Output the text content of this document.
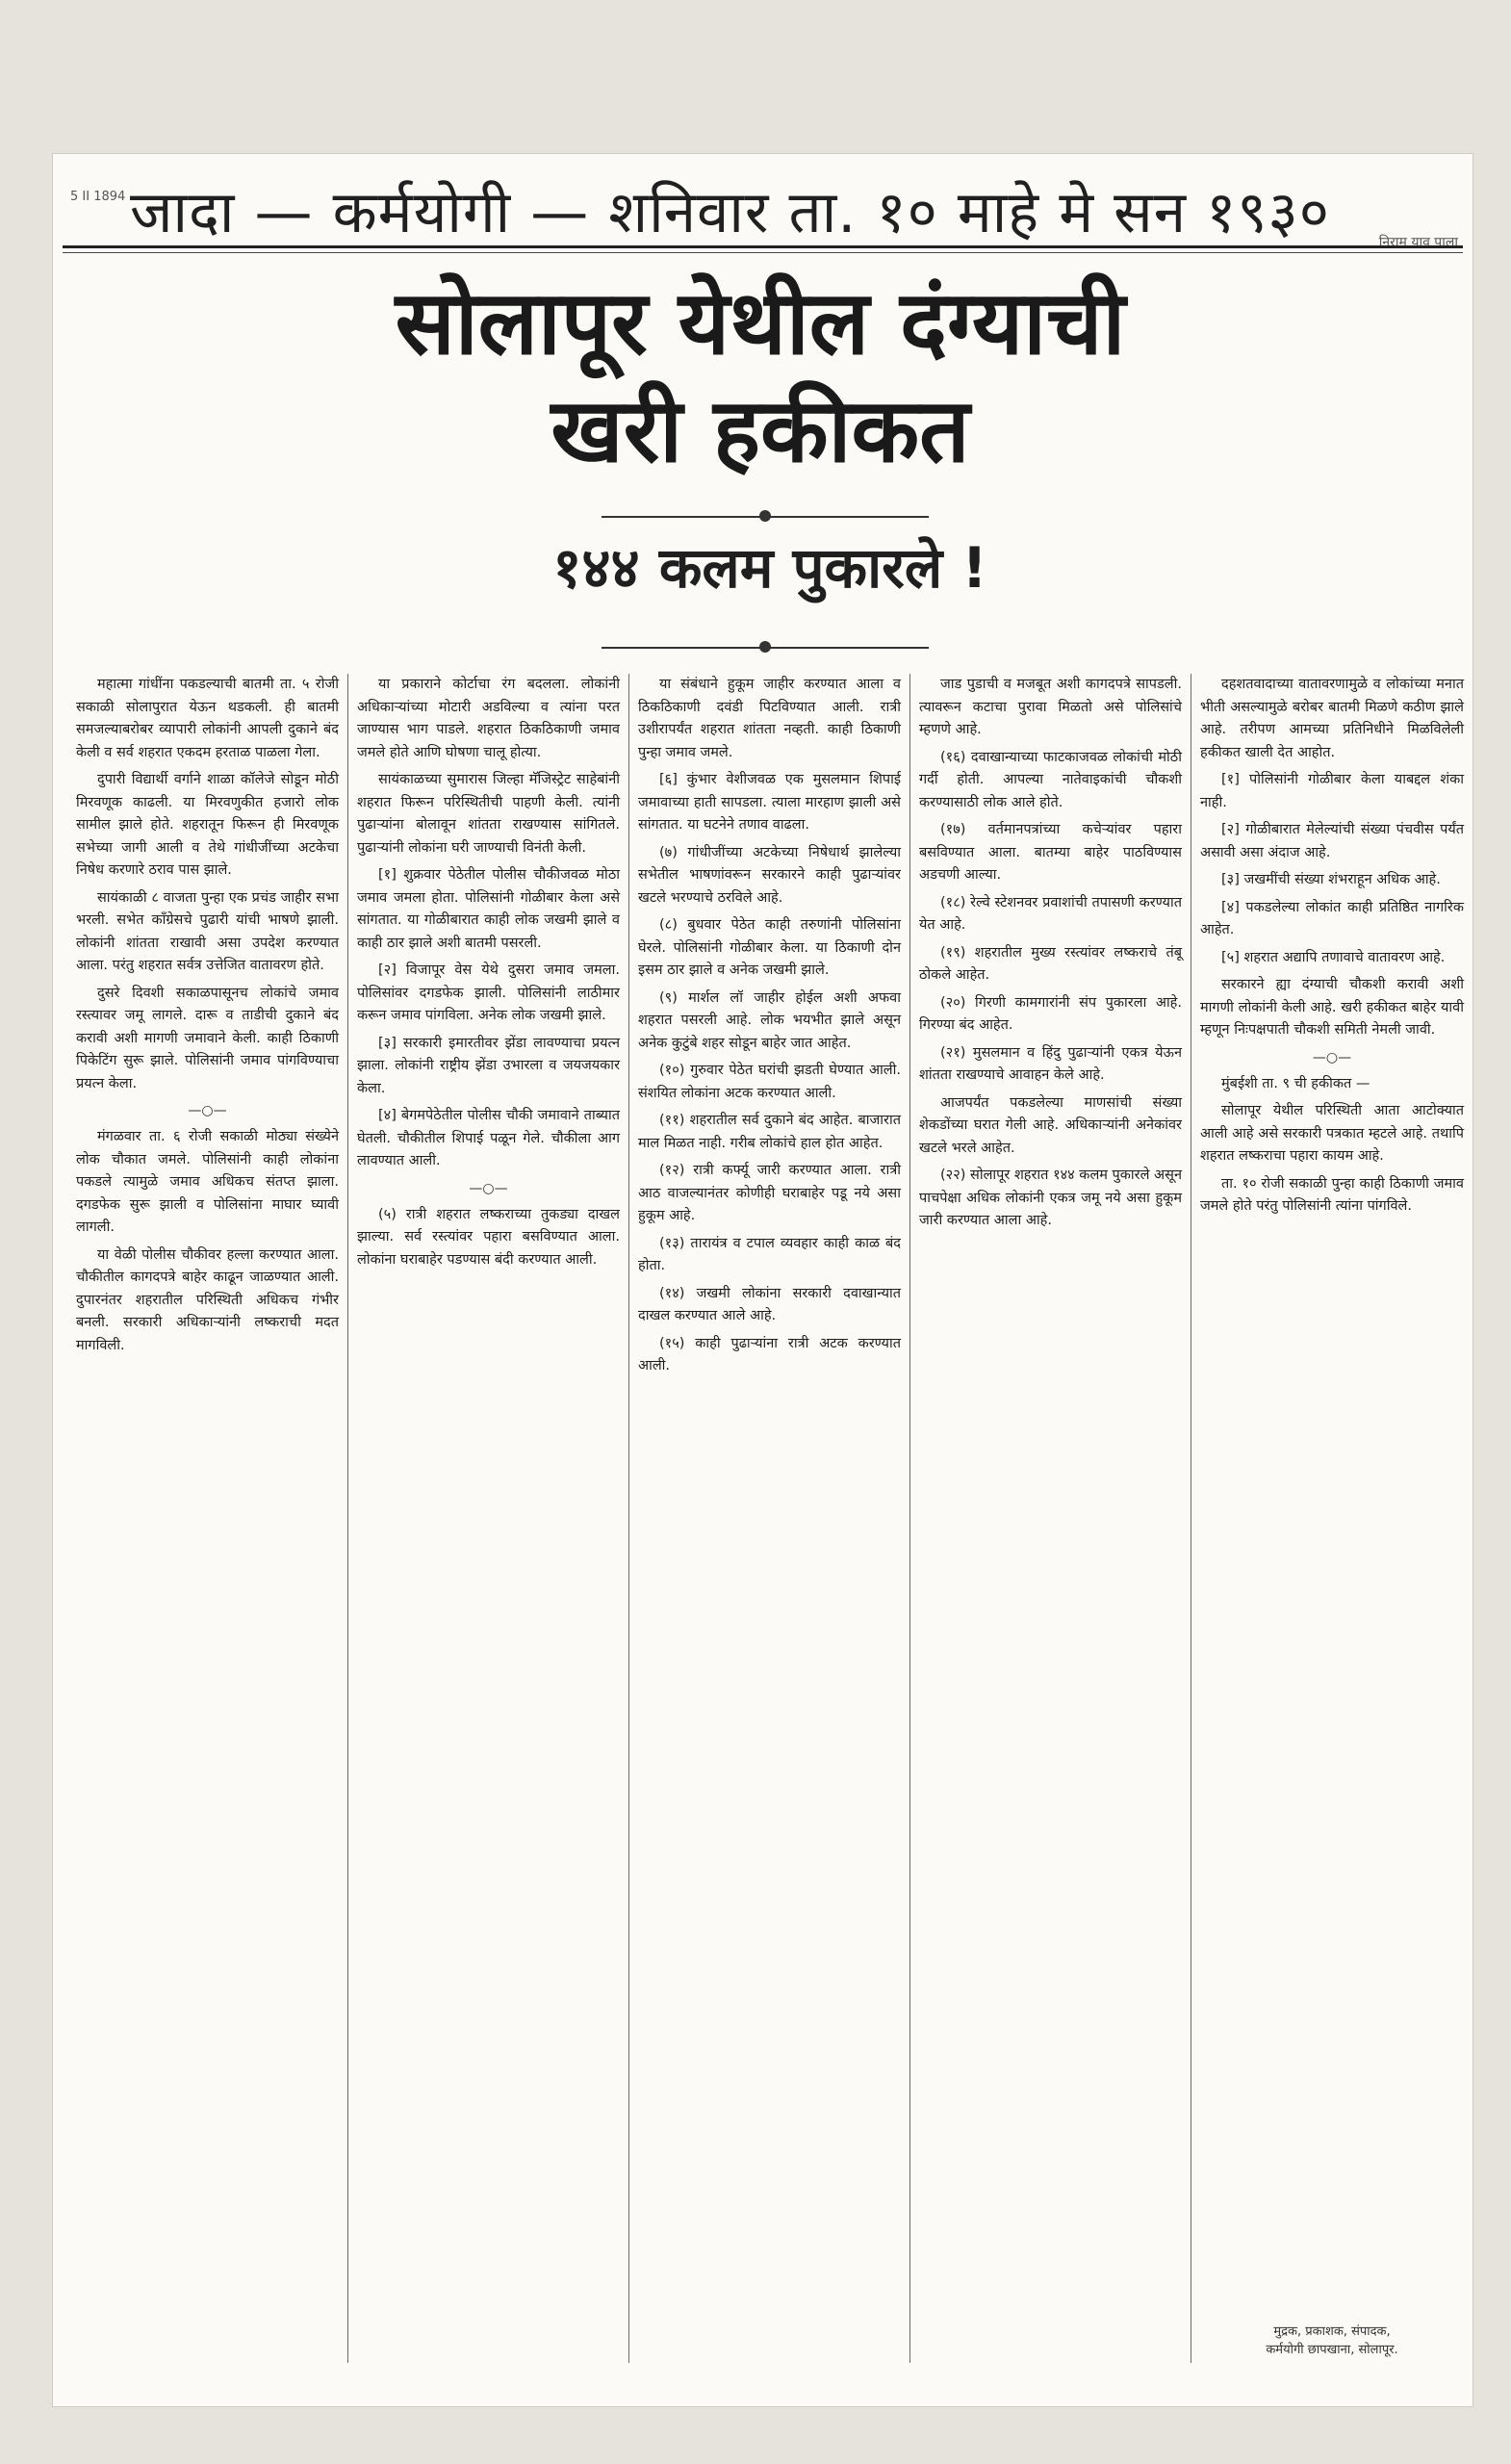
5 II 1894 जादा — कर्मयोगी — शनिवार ता. १० माहे मे सन १९३०	निराम याव पाला
सोलापूर येथील दंग्याची
खरी हकीकत
१४४ कलम पुकारले !

महात्मा गांधींना पकडल्याची बातमी ता. ५ रोजी सकाळी सोलापुरात येऊन थडकली. ही बातमी समजल्याबरोबर व्यापारी लोकांनी आपली दुकाने बंद केली व सर्व शहरात एकदम हरताळ पाळला गेला.

दुपारी विद्यार्थी वर्गाने शाळा कॉलेजे सोडून मोठी मिरवणूक काढली. या मिरवणुकीत हजारो लोक सामील झाले होते. शहरातून फिरून ही मिरवणूक सभेच्या जागी आली व तेथे गांधीजींच्या अटकेचा निषेध करणारे ठराव पास झाले.

सायंकाळी ८ वाजता पुन्हा एक प्रचंड जाहीर सभा भरली. सभेत काँग्रेसचे पुढारी यांची भाषणे झाली. लोकांनी शांतता राखावी असा उपदेश करण्यात आला. परंतु शहरात सर्वत्र उत्तेजित वातावरण होते.

दुसरे दिवशी सकाळपासूनच लोकांचे जमाव रस्त्यावर जमू लागले. दारू व ताडीची दुकाने बंद करावी अशी मागणी जमावाने केली. काही ठिकाणी पिकेटिंग सुरू झाले. पोलिसांनी जमाव पांगविण्याचा प्रयत्न केला.

—○—

मंगळवार ता. ६ रोजी सकाळी मोठ्या संख्येने लोक चौकात जमले. पोलिसांनी काही लोकांना पकडले त्यामुळे जमाव अधिकच संतप्त झाला. दगडफेक सुरू झाली व पोलिसांना माघार घ्यावी लागली.

या वेळी पोलीस चौकीवर हल्ला करण्यात आला. चौकीतील कागदपत्रे बाहेर काढून जाळण्यात आली. दुपारनंतर शहरातील परिस्थिती अधिकच गंभीर बनली. सरकारी अधिकाऱ्यांनी लष्कराची मदत मागविली.

या प्रकाराने कोर्टाचा रंग बदलला. लोकांनी अधिकाऱ्यांच्या मोटारी अडविल्या व त्यांना परत जाण्यास भाग पाडले. शहरात ठिकठिकाणी जमाव जमले होते आणि घोषणा चालू होत्या.

सायंकाळच्या सुमारास जिल्हा मॅजिस्ट्रेट साहेबांनी शहरात फिरून परिस्थितीची पाहणी केली. त्यांनी पुढाऱ्यांना बोलावून शांतता राखण्यास सांगितले. पुढाऱ्यांनी लोकांना घरी जाण्याची विनंती केली.

[१] शुक्रवार पेठेतील पोलीस चौकीजवळ मोठा जमाव जमला होता. पोलिसांनी गोळीबार केला असे सांगतात. या गोळीबारात काही लोक जखमी झाले व काही ठार झाले अशी बातमी पसरली.

[२] विजापूर वेस येथे दुसरा जमाव जमला. पोलिसांवर दगडफेक झाली. पोलिसांनी लाठीमार करून जमाव पांगविला. अनेक लोक जखमी झाले.

[३] सरकारी इमारतीवर झेंडा लावण्याचा प्रयत्न झाला. लोकांनी राष्ट्रीय झेंडा उभारला व जयजयकार केला.

[४] बेगमपेठेतील पोलीस चौकी जमावाने ताब्यात घेतली. चौकीतील शिपाई पळून गेले. चौकीला आग लावण्यात आली.

—○—

(५) रात्री शहरात लष्कराच्या तुकड्या दाखल झाल्या. सर्व रस्त्यांवर पहारा बसविण्यात आला. लोकांना घराबाहेर पडण्यास बंदी करण्यात आली.

या संबंधाने हुकूम जाहीर करण्यात आला व ठिकठिकाणी दवंडी पिटविण्यात आली. रात्री उशीरापर्यंत शहरात शांतता नव्हती. काही ठिकाणी पुन्हा जमाव जमले.

[६] कुंभार वेशीजवळ एक मुसलमान शिपाई जमावाच्या हाती सापडला. त्याला मारहाण झाली असे सांगतात. या घटनेने तणाव वाढला.

(७) गांधीजींच्या अटकेच्या निषेधार्थ झालेल्या सभेतील भाषणांवरून सरकारने काही पुढाऱ्यांवर खटले भरण्याचे ठरविले आहे.

(८) बुधवार पेठेत काही तरुणांनी पोलिसांना घेरले. पोलिसांनी गोळीबार केला. या ठिकाणी दोन इसम ठार झाले व अनेक जखमी झाले.

(९) मार्शल लॉ जाहीर होईल अशी अफवा शहरात पसरली आहे. लोक भयभीत झाले असून अनेक कुटुंबे शहर सोडून बाहेर जात आहेत.

(१०) गुरुवार पेठेत घरांची झडती घेण्यात आली. संशयित लोकांना अटक करण्यात आली.

(११) शहरातील सर्व दुकाने बंद आहेत. बाजारात माल मिळत नाही. गरीब लोकांचे हाल होत आहेत.

(१२) रात्री कर्फ्यू जारी करण्यात आला. रात्री आठ वाजल्यानंतर कोणीही घराबाहेर पडू नये असा हुकूम आहे.

(१३) तारायंत्र व टपाल व्यवहार काही काळ बंद होता.

(१४) जखमी लोकांना सरकारी दवाखान्यात दाखल करण्यात आले आहे.

(१५) काही पुढाऱ्यांना रात्री अटक करण्यात आली.

जाड पुडाची व मजबूत अशी कागदपत्रे सापडली. त्यावरून कटाचा पुरावा मिळतो असे पोलिसांचे म्हणणे आहे.

(१६) दवाखान्याच्या फाटकाजवळ लोकांची मोठी गर्दी होती. आपल्या नातेवाइकांची चौकशी करण्यासाठी लोक आले होते.

(१७) वर्तमानपत्रांच्या कचेऱ्यांवर पहारा बसविण्यात आला. बातम्या बाहेर पाठविण्यास अडचणी आल्या.

(१८) रेल्वे स्टेशनवर प्रवाशांची तपासणी करण्यात येत आहे.

(१९) शहरातील मुख्य रस्त्यांवर लष्कराचे तंबू ठोकले आहेत.

(२०) गिरणी कामगारांनी संप पुकारला आहे. गिरण्या बंद आहेत.

(२१) मुसलमान व हिंदु पुढाऱ्यांनी एकत्र येऊन शांतता राखण्याचे आवाहन केले आहे.

आजपर्यंत पकडलेल्या माणसांची संख्या शेकडोंच्या घरात गेली आहे. अधिकाऱ्यांनी अनेकांवर खटले भरले आहेत.

(२२) सोलापूर शहरात १४४ कलम पुकारले असून पाचपेक्षा अधिक लोकांनी एकत्र जमू नये असा हुकूम जारी करण्यात आला आहे.

दहशतवादाच्या वातावरणामुळे व लोकांच्या मनात भीती असल्यामुळे बरोबर बातमी मिळणे कठीण झाले आहे. तरीपण आमच्या प्रतिनिधीने मिळविलेली हकीकत खाली देत आहोत.

[१] पोलिसांनी गोळीबार केला याबद्दल शंका नाही.

[२] गोळीबारात मेलेल्यांची संख्या पंचवीस पर्यंत असावी असा अंदाज आहे.

[३] जखमींची संख्या शंभराहून अधिक आहे.

[४] पकडलेल्या लोकांत काही प्रतिष्ठित नागरिक आहेत.

[५] शहरात अद्यापि तणावाचे वातावरण आहे.

सरकारने ह्या दंग्याची चौकशी करावी अशी मागणी लोकांनी केली आहे. खरी हकीकत बाहेर यावी म्हणून निःपक्षपाती चौकशी समिती नेमली जावी.

—○—

मुंबईशी ता. ९ ची हकीकत —

सोलापूर येथील परिस्थिती आता आटोक्यात आली आहे असे सरकारी पत्रकात म्हटले आहे. तथापि शहरात लष्कराचा पहारा कायम आहे.

ता. १० रोजी सकाळी पुन्हा काही ठिकाणी जमाव जमले होते परंतु पोलिसांनी त्यांना पांगविले.

मुद्रक, प्रकाशक, संपादक,
कर्मयोगी छापखाना, सोलापूर.
